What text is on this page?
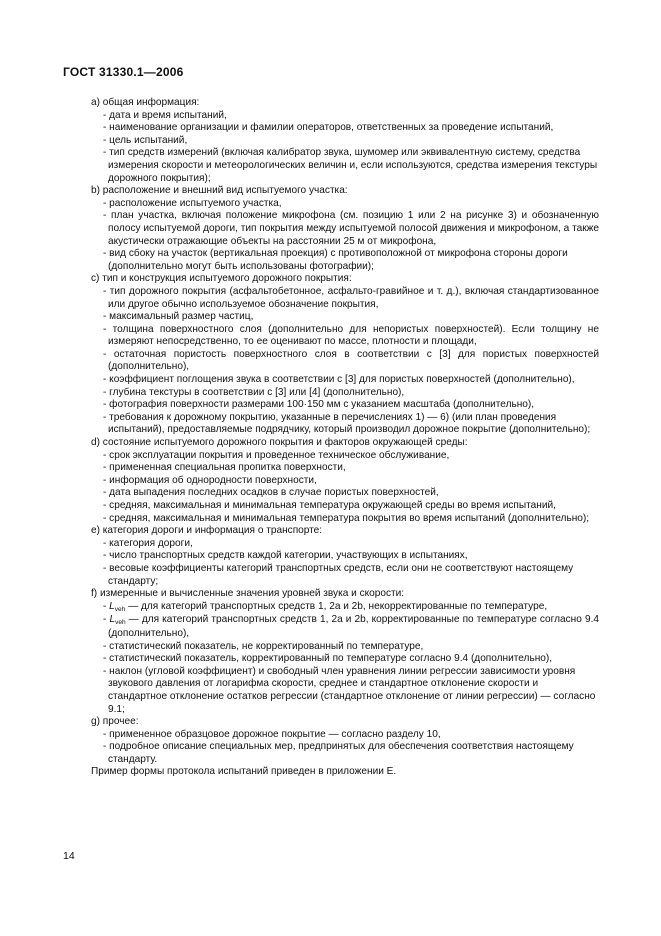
ГОСТ 31330.1—2006
a) общая информация:
- дата и время испытаний,
- наименование организации и фамилии операторов, ответственных за проведение испытаний,
- цель испытаний,
- тип средств измерений (включая калибратор звука, шумомер или эквивалентную систему, средства измерения скорости и метеорологических величин и, если используются, средства измерения текстуры дорожного покрытия);
b) расположение и внешний вид испытуемого участка:
- расположение испытуемого участка,
- план участка, включая положение микрофона (см. позицию 1 или 2 на рисунке 3) и обозначенную полосу испытуемой дороги, тип покрытия между испытуемой полосой движения и микрофоном, а также акустически отражающие объекты на расстоянии 25 м от микрофона,
- вид сбоку на участок (вертикальная проекция) с противоположной от микрофона стороны дороги (дополнительно могут быть использованы фотографии);
c) тип и конструкция испытуемого дорожного покрытия:
- тип дорожного покрытия (асфальтобетонное, асфальто-гравийное и т. д.), включая стандартизованное или другое обычно используемое обозначение покрытия,
- максимальный размер частиц,
- толщина поверхностного слоя (дополнительно для непористых поверхностей). Если толщину не измеряют непосредственно, то ее оценивают по массе, плотности и площади,
- остаточная пористость поверхностного слоя в соответствии с [3] для пористых поверхностей (дополнительно),
- коэффициент поглощения звука в соответствии с [3] для пористых поверхностей (дополнительно),
- глубина текстуры в соответствии с [3] или [4] (дополнительно),
- фотография поверхности размерами 100·150 мм с указанием масштаба (дополнительно),
- требования к дорожному покрытию, указанные в перечислениях 1) — 6) (или план проведения испытаний), предоставляемые подрядчику, который производил дорожное покрытие (дополнительно);
d) состояние испытуемого дорожного покрытия и факторов окружающей среды:
- срок эксплуатации покрытия и проведенное техническое обслуживание,
- примененная специальная пропитка поверхности,
- информация об однородности поверхности,
- дата выпадения последних осадков в случае пористых поверхностей,
- средняя, максимальная и минимальная температура окружающей среды во время испытаний,
- средняя, максимальная и минимальная температура покрытия во время испытаний (дополнительно);
e) категория дороги и информация о транспорте:
- категория дороги,
- число транспортных средств каждой категории, участвующих в испытаниях,
- весовые коэффициенты категорий транспортных средств, если они не соответствуют настоящему стандарту;
f) измеренные и вычисленные значения уровней звука и скорости:
- Lveh — для категорий транспортных средств 1, 2а и 2b, некорректированные по температуре,
- Lveh — для категорий транспортных средств 1, 2а и 2b, корректированные по температуре согласно 9.4 (дополнительно),
- статистический показатель, не корректированный по температуре,
- статистический показатель, корректированный по температуре согласно 9.4 (дополнительно),
- наклон (угловой коэффициент) и свободный член уравнения линии регрессии зависимости уровня звукового давления от логарифма скорости, среднее и стандартное отклонение скорости и стандартное отклонение остатков регрессии (стандартное отклонение от линии регрессии) — согласно 9.1;
g) прочее:
- примененное образцовое дорожное покрытие — согласно разделу 10,
- подробное описание специальных мер, предпринятых для обеспечения соответствия настоящему стандарту.
Пример формы протокола испытаний приведен в приложении Е.
14
